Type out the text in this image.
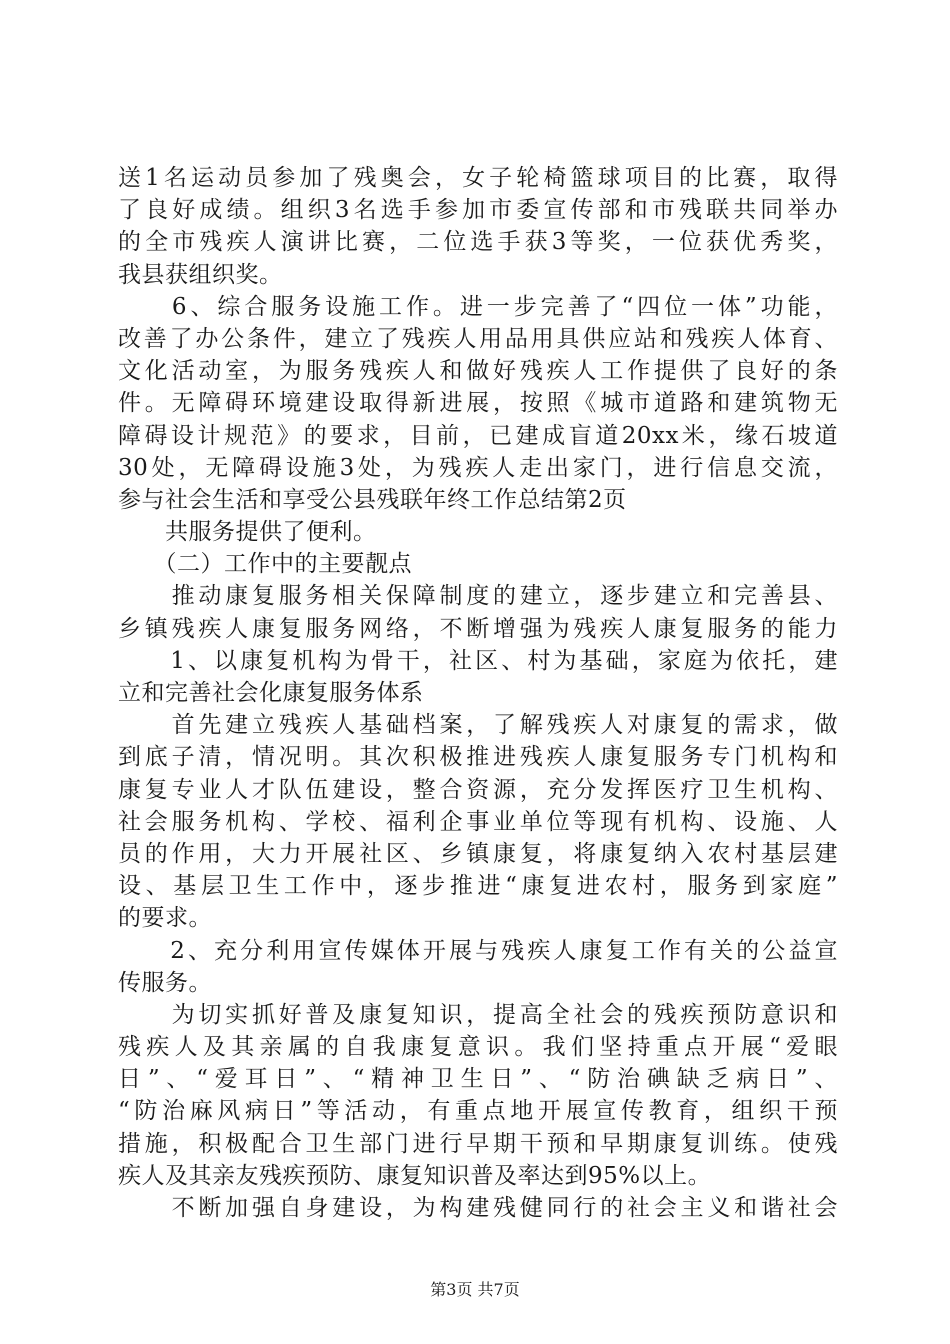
送1名运动员参加了残奥会，女子轮椅篮球项目的比赛，取得
了良好成绩。组织3名选手参加市委宣传部和市残联共同举办
的全市残疾人演讲比赛，二位选手获3等奖，一位获优秀奖，
我县获组织奖。
　　6、综合服务设施工作。进一步完善了“四位一体”功能，
改善了办公条件，建立了残疾人用品用具供应站和残疾人体育、
文化活动室，为服务残疾人和做好残疾人工作提供了良好的条
件。无障碍环境建设取得新进展，按照《城市道路和建筑物无
障碍设计规范》的要求，目前，已建成盲道20xx米，缘石坡道
30处，无障碍设施3处，为残疾人走出家门，进行信息交流，
参与社会生活和享受公县残联年终工作总结第2页
　　共服务提供了便利。
　　（二）工作中的主要靓点
　　推动康复服务相关保障制度的建立，逐步建立和完善县、
乡镇残疾人康复服务网络，不断增强为残疾人康复服务的能力
　　1、以康复机构为骨干，社区、村为基础，家庭为依托，建
立和完善社会化康复服务体系
　　首先建立残疾人基础档案，了解残疾人对康复的需求，做
到底子清，情况明。其次积极推进残疾人康复服务专门机构和
康复专业人才队伍建设，整合资源，充分发挥医疗卫生机构、
社会服务机构、学校、福利企事业单位等现有机构、设施、人
员的作用，大力开展社区、乡镇康复，将康复纳入农村基层建
设、基层卫生工作中，逐步推进“康复进农村，服务到家庭”
的要求。
　　2、充分利用宣传媒体开展与残疾人康复工作有关的公益宣
传服务。
　　为切实抓好普及康复知识，提高全社会的残疾预防意识和
残疾人及其亲属的自我康复意识。我们坚持重点开展“爱眼
日”、“爱耳日”、“精神卫生日”、“防治碘缺乏病日”、
“防治麻风病日”等活动，有重点地开展宣传教育，组织干预
措施，积极配合卫生部门进行早期干预和早期康复训练。使残
疾人及其亲友残疾预防、康复知识普及率达到95%以上。
　　不断加强自身建设，为构建残健同行的社会主义和谐社会
第3页 共7页
